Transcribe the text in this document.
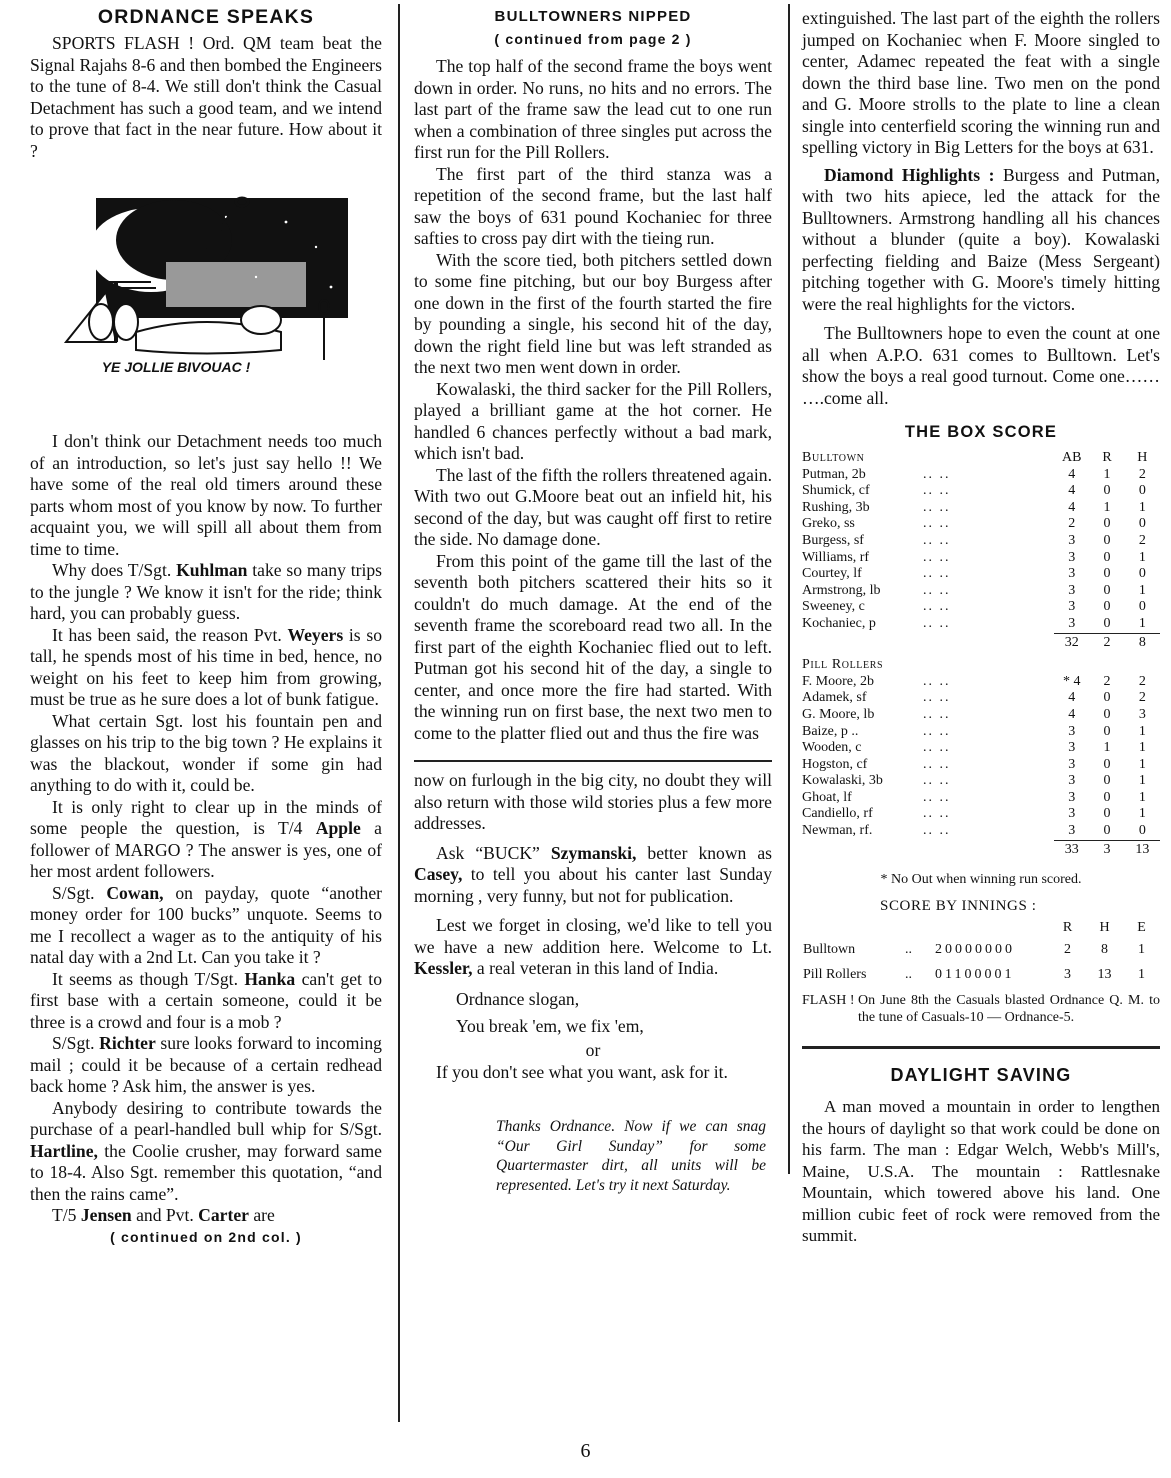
ORDNANCE SPEAKS

SPORTS FLASH ! Ord. QM team beat the Signal Rajahs 8-6 and then bombed the Engineers to the tune of 8-4. We still don't think the Casual Detachment has such a good team, and we intend to prove that fact in the near future. How about it ?

YE JOLLIE BIVOUAC !

I don't think our Detachment needs too much of an introduction, so let's just say hello !! We have some of the real old timers around these parts whom most of you know by now. To further acquaint you, we will spill all about them from time to time.

Why does T/Sgt. Kuhlman take so many trips to the jungle ? We know it isn't for the ride; think hard, you can probably guess.

It has been said, the reason Pvt. Weyers is so tall, he spends most of his time in bed, hence, no weight on his feet to keep him from growing, must be true as he sure does a lot of bunk fatigue.

What certain Sgt. lost his fountain pen and glasses on his trip to the big town ? He explains it was the blackout, wonder if some gin had anything to do with it, could be.

It is only right to clear up in the minds of some people the question, is T/4 Apple a follower of MARGO ? The answer is yes, one of her most ardent followers.

S/Sgt. Cowan, on payday, quote “another money order for 100 bucks” unquote. Seems to me I recollect a wager as to the antiquity of his natal day with a 2nd Lt. Can you take it ?

It seems as though T/Sgt. Hanka can't get to first base with a certain someone, could it be three is a crowd and four is a mob ?

S/Sgt. Richter sure looks forward to incoming mail ; could it be because of a certain redhead back home ? Ask him, the answer is yes.

Anybody desiring to contribute towards the purchase of a pearl-handled bull whip for S/Sgt. Hartline, the Coolie crusher, may forward same to 18-4. Also Sgt. remember this quotation, “and then the rains came”.

T/5 Jensen and Pvt. Carter are

( continued on 2nd col. )
BULLTOWNERS NIPPED
( continued from page 2 )

The top half of the second frame the boys went down in order. No runs, no hits and no errors. The last part of the frame saw the lead cut to one run when a combination of three singles put across the first run for the Pill Rollers.

The first part of the third stanza was a repetition of the second frame, but the last half saw the boys of 631 pound Kochaniec for three safties to cross pay dirt with the tieing run.

With the score tied, both pitchers settled down to some fine pitching, but our boy Burgess after one down in the first of the fourth started the fire by pounding a single, his second hit of the day, down the right field line but was left stranded as the next two men went down in order.

Kowalaski, the third sacker for the Pill Rollers, played a brilliant game at the hot corner. He handled 6 chances perfectly without a bad mark, which isn't bad.

The last of the fifth the rollers threatened again. With two out G.Moore beat out an infield hit, his second of the day, but was caught off first to retire the side. No damage done.

From this point of the game till the last of the seventh both pitchers scattered their hits so it couldn't do much damage. At the end of the seventh frame the scoreboard read two all. In the first part of the eighth Kochaniec flied out to left. Putman got his second hit of the day, a single to center, and once more the fire had started. With the winning run on first base, the next two men to come to the platter flied out and thus the fire was

now on furlough in the big city, no doubt they will also return with those wild stories plus a few more addresses.

Ask “BUCK” Szymanski, better known as Casey, to tell you about his canter last Sunday morning , very funny, but not for publication.

Lest we forget in closing, we'd like to tell you we have a new addition here. Welcome to Lt. Kessler, a real veteran in this land of India.

Ordnance slogan,

You break 'em, we fix 'em,

or

If you don't see what you want, ask for it.

Thanks Ordnance. Now if we can snag “Our Girl Sunday” for some Quartermaster dirt, all units will be represented. Let's try it next Saturday.

extinguished. The last part of the eighth the rollers jumped on Kochaniec when F. Moore singled to center, Adamec repeated the feat with a single down the third base line. Two men on the pond and G. Moore strolls to the plate to line a clean single into centerfield scoring the winning run and spelling victory in Big Letters for the boys at 631.

Diamond Highlights : Burgess and Putman, with two hits apiece, led the attack for the Bulltowners. Armstrong handling all his chances without a blunder (quite a boy). Kowalaski perfecting fielding and Baize (Mess Sergeant) pitching together with G. Moore's timely hitting were the real highlights for the victors.

The Bulltowners hope to even the count at one all when A.P.O. 631 comes to Bulltown. Let's show the boys a real good turnout. Come one…… ….come all.

THE BOX SCORE
Bulltown		AB	R	H
Putman, 2b	.. ..	4	1	2
Shumick, cf	.. ..	4	0	0
Rushing, 3b	.. ..	4	1	1
Greko, ss	.. ..	2	0	0
Burgess, sf	.. ..	3	0	2
Williams, rf	.. ..	3	0	1
Courtey, lf	.. ..	3	0	0
Armstrong, lb	.. ..	3	0	1
Sweeney, c	.. ..	3	0	0
Kochaniec, p	.. ..	3	0	1
		32	2	8

Pill Rollers				
F. Moore, 2b	.. ..	* 4	2	2
Adamek, sf	.. ..	4	0	2
G. Moore, lb	.. ..	4	0	3
Baize, p ..	.. ..	3	0	1
Wooden, c	.. ..	3	1	1
Hogston, cf	.. ..	3	0	1
Kowalaski, 3b	.. ..	3	0	1
Ghoat, lf	.. ..	3	0	1
Candiello, rf	.. ..	3	0	1
Newman, rf.	.. ..	3	0	0
		33	3	13

* No Out when winning run scored.
SCORE BY INNINGS :
			R	H	E
Bulltown	..	20000000	2	8	1
Pill Rollers	..	01100001	3	13	1
FLASH ! On June 8th the Casuals blasted Ordnance Q. M. to the tune of Casuals-10 — Ordnance-5.
DAYLIGHT SAVING

A man moved a mountain in order to lengthen the hours of daylight so that work could be done on his farm. The man : Edgar Welch, Webb's Mill's, Maine, U.S.A. The mountain : Rattlesnake Mountain, which towered above his land. One million cubic feet of rock were removed from the summit.

6
